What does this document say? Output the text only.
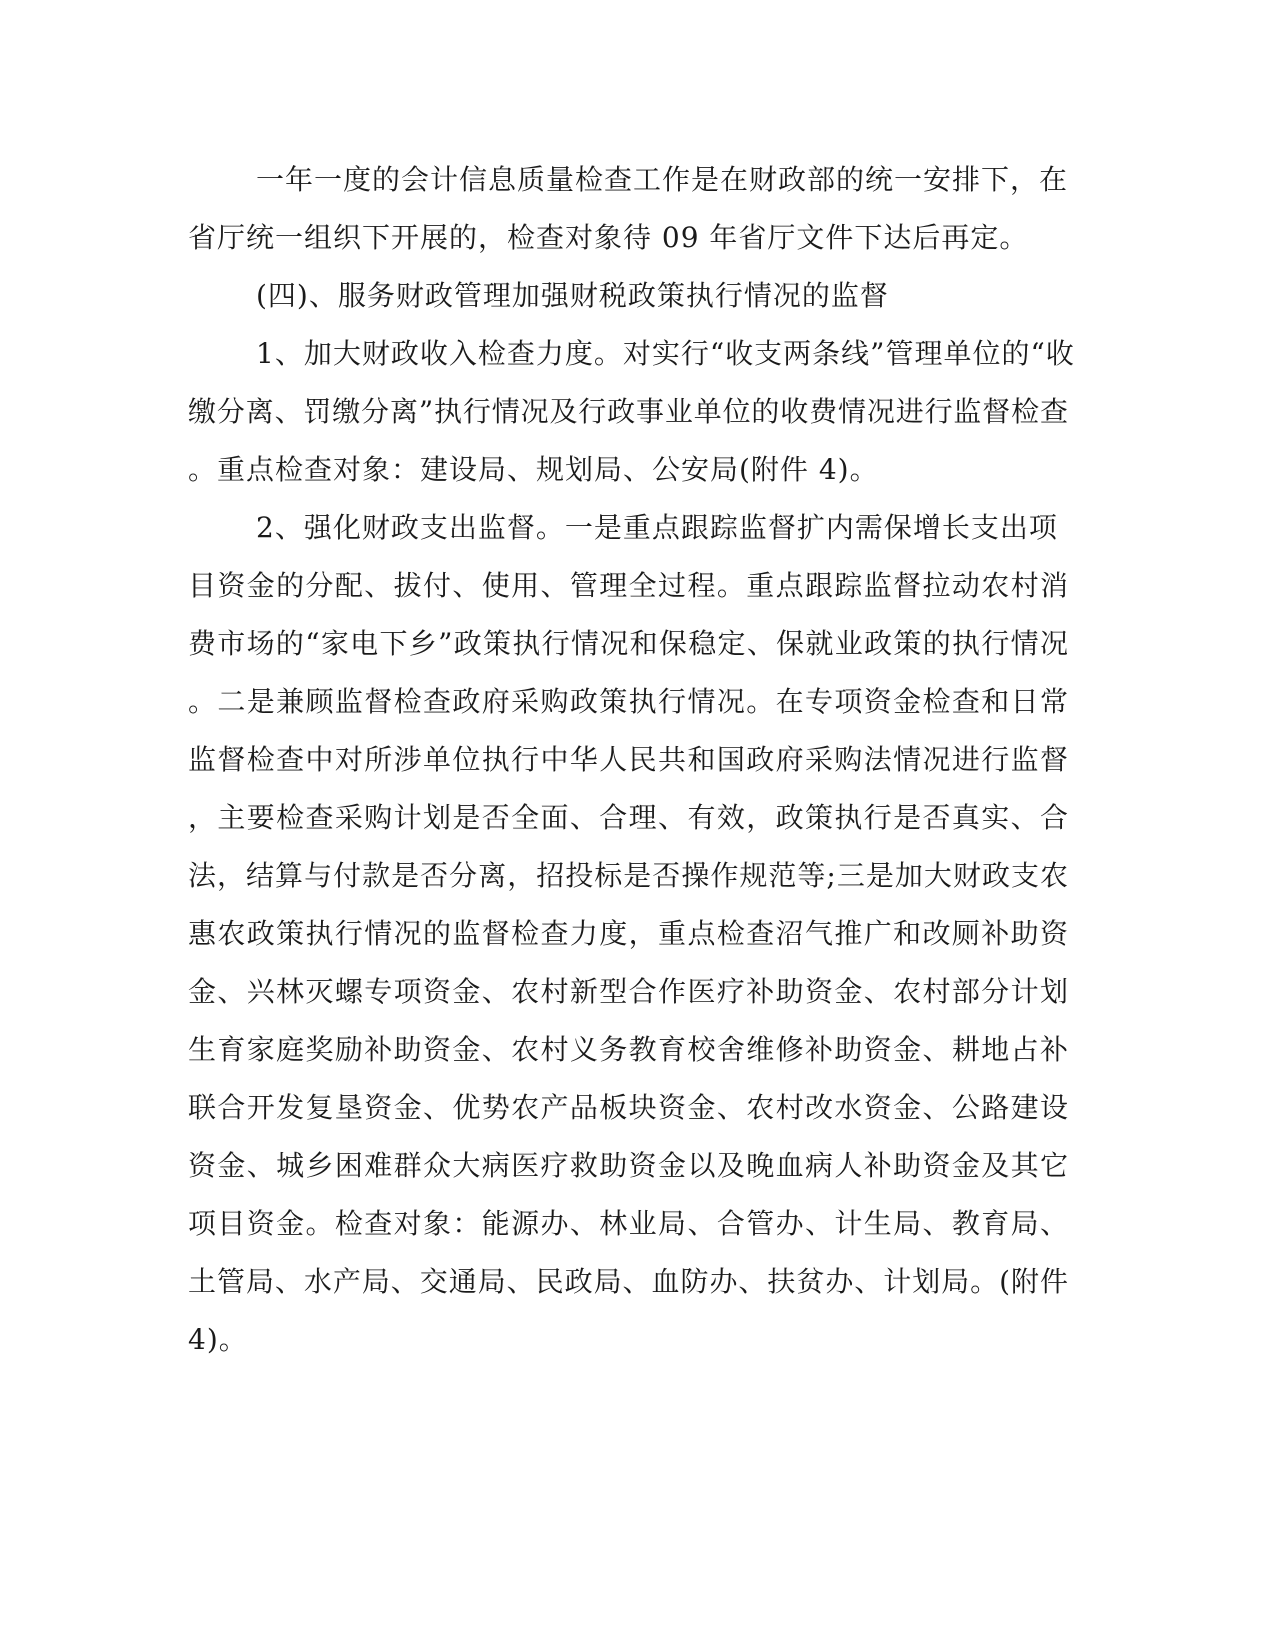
一年一度的会计信息质量检查工作是在财政部的统一安排下，在
省厅统一组织下开展的，检查对象待 09 年省厅文件下达后再定。
(四)、服务财政管理加强财税政策执行情况的监督
1、加大财政收入检查力度。对实行“收支两条线”管理单位的“收
缴分离、罚缴分离”执行情况及行政事业单位的收费情况进行监督检查
。重点检查对象：建设局、规划局、公安局(附件 4)。
2、强化财政支出监督。一是重点跟踪监督扩内需保增长支出项
目资金的分配、拔付、使用、管理全过程。重点跟踪监督拉动农村消
费市场的“家电下乡”政策执行情况和保稳定、保就业政策的执行情况
。二是兼顾监督检查政府采购政策执行情况。在专项资金检查和日常
监督检查中对所涉单位执行中华人民共和国政府采购法情况进行监督
，主要检查采购计划是否全面、合理、有效，政策执行是否真实、合
法，结算与付款是否分离，招投标是否操作规范等;三是加大财政支农
惠农政策执行情况的监督检查力度，重点检查沼气推广和改厕补助资
金、兴林灭螺专项资金、农村新型合作医疗补助资金、农村部分计划
生育家庭奖励补助资金、农村义务教育校舍维修补助资金、耕地占补
联合开发复垦资金、优势农产品板块资金、农村改水资金、公路建设
资金、城乡困难群众大病医疗救助资金以及晚血病人补助资金及其它
项目资金。检查对象：能源办、林业局、合管办、计生局、教育局、
土管局、水产局、交通局、民政局、血防办、扶贫办、计划局。(附件
4)。
